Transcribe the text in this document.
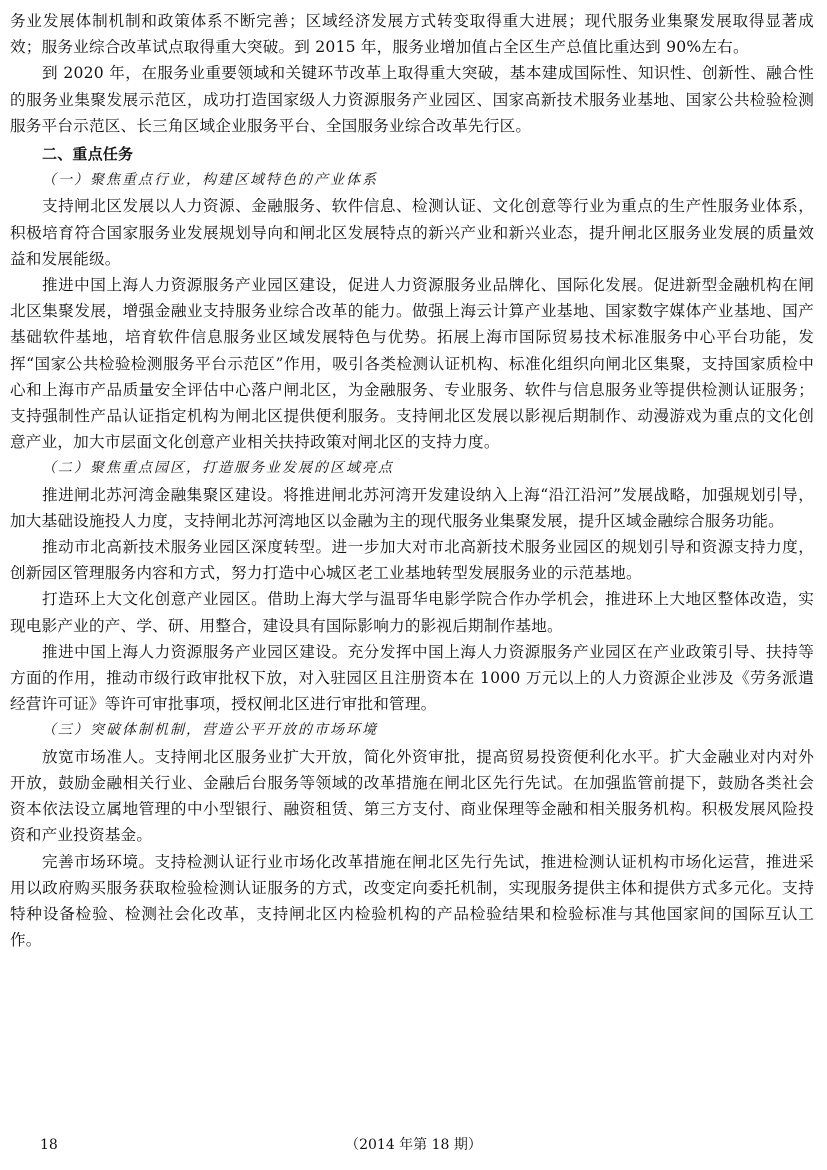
务业发展体制机制和政策体系不断完善；区域经济发展方式转变取得重大进展；现代服务业集聚发展取得显著成效；服务业综合改革试点取得重大突破。到 2015 年，服务业增加值占全区生产总值比重达到 90%左右。

到 2020 年，在服务业重要领域和关键环节改革上取得重大突破，基本建成国际性、知识性、创新性、融合性的服务业集聚发展示范区，成功打造国家级人力资源服务产业园区、国家高新技术服务业基地、国家公共检验检测服务平台示范区、长三角区域企业服务平台、全国服务业综合改革先行区。

二、重点任务

（一）聚焦重点行业，构建区域特色的产业体系

支持闸北区发展以人力资源、金融服务、软件信息、检测认证、文化创意等行业为重点的生产性服务业体系，积极培育符合国家服务业发展规划导向和闸北区发展特点的新兴产业和新兴业态，提升闸北区服务业发展的质量效益和发展能级。

推进中国上海人力资源服务产业园区建设，促进人力资源服务业品牌化、国际化发展。促进新型金融机构在闸北区集聚发展，增强金融业支持服务业综合改革的能力。做强上海云计算产业基地、国家数字媒体产业基地、国产基础软件基地，培育软件信息服务业区域发展特色与优势。拓展上海市国际贸易技术标准服务中心平台功能，发挥“国家公共检验检测服务平台示范区”作用，吸引各类检测认证机构、标准化组织向闸北区集聚，支持国家质检中心和上海市产品质量安全评估中心落户闸北区，为金融服务、专业服务、软件与信息服务业等提供检测认证服务；支持强制性产品认证指定机构为闸北区提供便利服务。支持闸北区发展以影视后期制作、动漫游戏为重点的文化创意产业，加大市层面文化创意产业相关扶持政策对闸北区的支持力度。

（二）聚焦重点园区，打造服务业发展的区域亮点

推进闸北苏河湾金融集聚区建设。将推进闸北苏河湾开发建设纳入上海“沿江沿河”发展战略，加强规划引导，加大基础设施投人力度，支持闸北苏河湾地区以金融为主的现代服务业集聚发展，提升区域金融综合服务功能。

推动市北高新技术服务业园区深度转型。进一步加大对市北高新技术服务业园区的规划引导和资源支持力度，创新园区管理服务内容和方式，努力打造中心城区老工业基地转型发展服务业的示范基地。

打造环上大文化创意产业园区。借助上海大学与温哥华电影学院合作办学机会，推进环上大地区整体改造，实现电影产业的产、学、研、用整合，建设具有国际影响力的影视后期制作基地。

推进中国上海人力资源服务产业园区建设。充分发挥中国上海人力资源服务产业园区在产业政策引导、扶持等方面的作用，推动市级行政审批权下放，对入驻园区且注册资本在 1000 万元以上的人力资源企业涉及《劳务派遣经营许可证》等许可审批事项，授权闸北区进行审批和管理。

（三）突破体制机制，营造公平开放的市场环境

放宽市场准人。支持闸北区服务业扩大开放，简化外资审批，提高贸易投资便利化水平。扩大金融业对内对外开放，鼓励金融相关行业、金融后台服务等领域的改革措施在闸北区先行先试。在加强监管前提下，鼓励各类社会资本依法设立属地管理的中小型银行、融资租赁、第三方支付、商业保理等金融和相关服务机构。积极发展风险投资和产业投资基金。

完善市场环境。支持检测认证行业市场化改革措施在闸北区先行先试，推进检测认证机构市场化运营，推进采用以政府购买服务获取检验检测认证服务的方式，改变定向委托机制，实现服务提供主体和提供方式多元化。支持特种设备检验、检测社会化改革，支持闸北区内检验机构的产品检验结果和检验标准与其他国家间的国际互认工作。

18	（2014 年第 18 期）
